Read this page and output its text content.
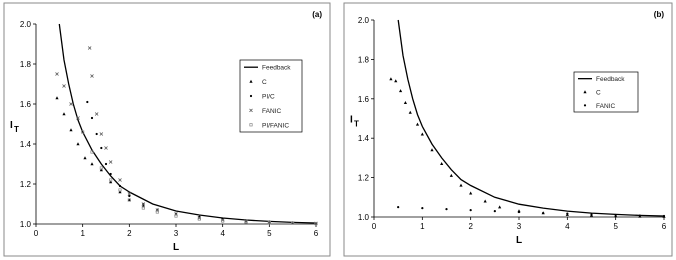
0	1	2	3	4	5	6
1.0
1.2
1.4
1.6
1.8
2.0
L
I T
(a)
Feedback
C
PI/C
FANIC
PI/FANIC
0	1	2	3	4	5	6
1.0
1.2
1.4
1.6
1.8
2.0
L
I T
(b)
Feedback
C
FANIC
